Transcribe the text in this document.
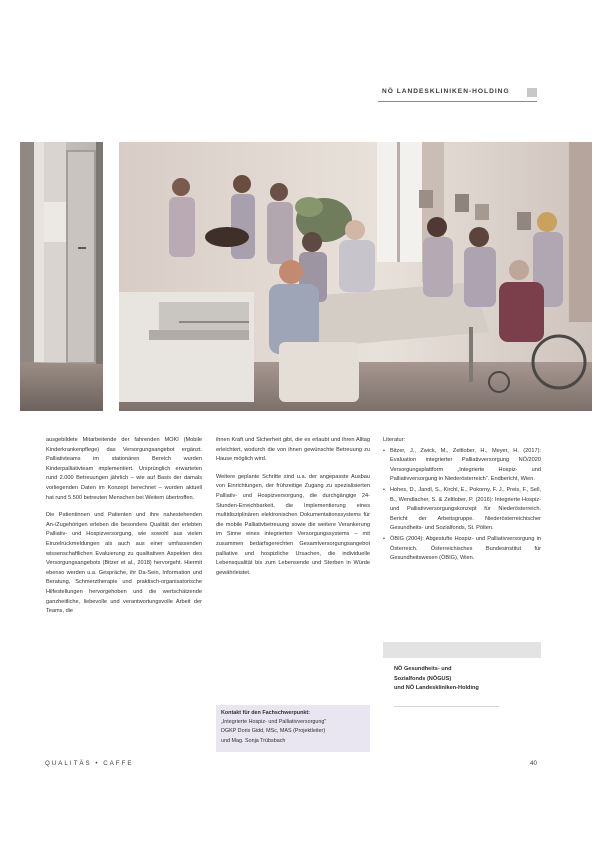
NÖ LANDESKLINIKEN-HOLDING

ausgebildete Mitarbeitende der fahrenden MOKI (Mobile Kinderkrankenpflege) das Versorgungsangebot ergänzt. Palliativteams im stationären Bereich wurden Kinderpalliativteam implementiert. Ursprünglich erwarteten rund 2.000 Betreuungen jährlich – wie auf Basis der damals vorliegenden Daten im Konzept berechnet – wurden aktuell hat rund 5.500 betreuten Menschen bei Weitem übertroffen.

Die Patientinnen und Patienten und ihre nahestehenden An-/Zugehörigen erleben die besondere Qualität der erlebten Palliativ- und Hospizversorgung, wie sowohl aus vielen Einzelrückmeldungen als auch aus einer umfassenden wissenschaftlichen Evaluierung zu qualitativen Aspekten des Versorgungsangebots (Bitzer et al., 2018) hervorgeht. Hiermit ebenso werden u.a. Gespräche, ihr Da-Sein, Information und Beratung, Schmerztherapie und praktisch-organisatorische Hilfestellungen hervorgehoben und die wertschätzende ganzheitliche, liebevolle und verantwortungsvolle Arbeit der Teams, die

ihnen Kraft und Sicherheit gibt, die es erlaubt und ihren Alltag erleichtert, wodurch die von ihnen gewünschte Betreuung zu Hause möglich wird.

Weitere geplante Schritte sind u.a. der angepasste Ausbau von Einrichtungen, der frühzeitige Zugang zu spezialisierten Palliativ- und Hospizversorgung, die durchgängige 24-Stunden-Erreichbarkeit, die Implementierung eines multidisziplinären elektronischen Dokumentationssystems für die mobile Palliativbetreuung sowie die weitere Verankerung im Sinne eines integrierten Versorgungssystems – mit zusammen bedarfsgerechten Gesamtversorgungsangebot palliative und hospizliche Ursachen, die individuelle Lebensqualität bis zum Lebensende und Sterben in Würde gewährleistet.

Kontakt für den Fachschwerpunkt:
„Integrierte Hospiz- und Palliativversorgung"
DGKP Doris Gidd, MSc, MAS (Projektleiter)
und Mag. Sonja Trübsbach
Literatur:
• Bitzer, J., Zwick, M., Zeltlober, H., Meyer, H. (2017): Evaluation integrierter Palliativversorgung NÖ/2020 Versorgungsplattform „Integrierte Hospiz- und Palliativversorgung in Niederösterreich“. Endbericht, Wien.
• Hohes, D., Jandl, S., Kirchl, E., Pokorny, F. J., Preis, F., Sell, B., Wendlacher, S. & Zeltlober, P. (2016): Integrierte Hospiz- und Palliativversorgungskonzept für Niederösterreich. Bericht der Arbeitsgruppe. Niederösterreichischer Gesundheits- und Sozialfonds, St. Pölten.
• ÖBIG (2004): Abgestufte Hospiz- und Palliativversorgung in Österreich. Österreichisches Bundesinstitut für Gesundheitswesen (ÖBIG), Wien.
NÖ Gesundheits- und
Sozialfonds (NÖGUS)
und NÖ Landeskliniken-Holding
QUALITÄS • CAFFE	40
